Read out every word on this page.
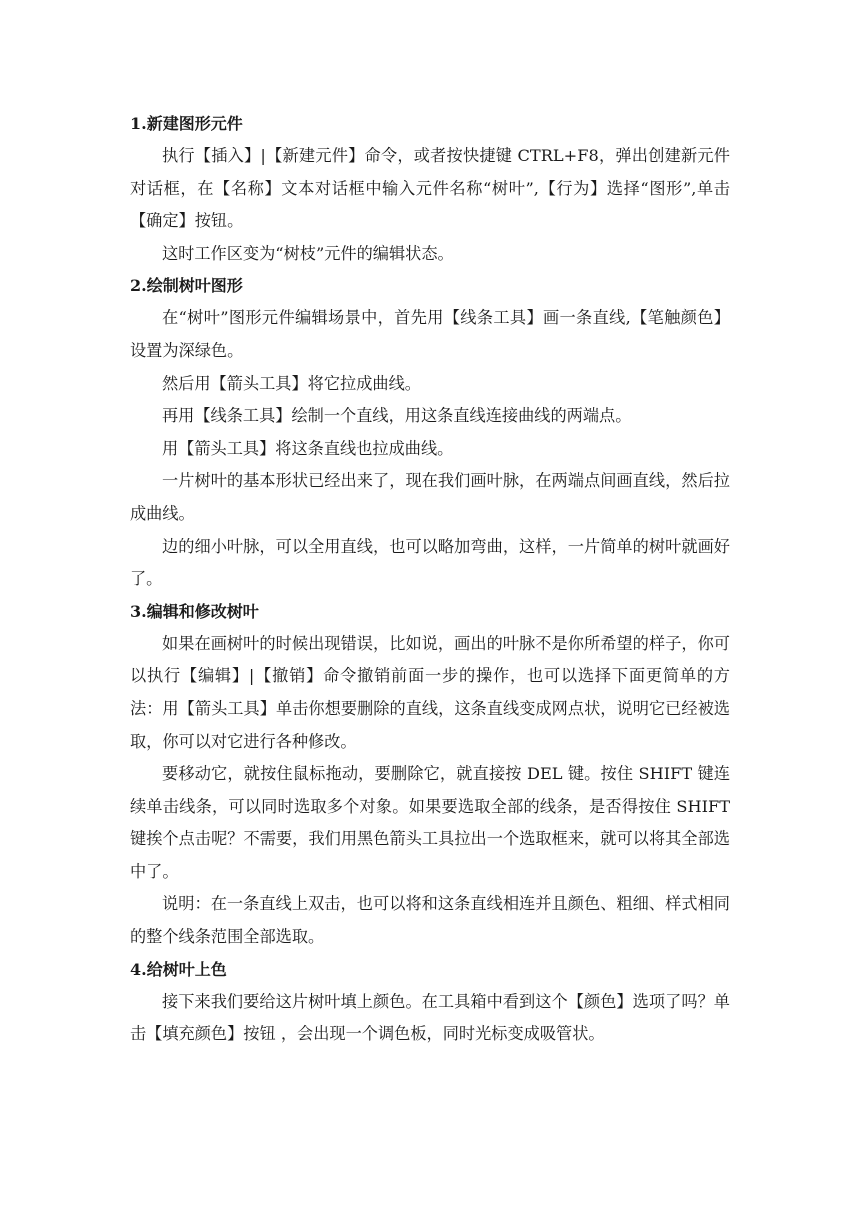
1.新建图形元件

执行【插入】|【新建元件】命令，或者按快捷键 CTRL+F8，弹出创建新元件对话框，在【名称】文本对话框中输入元件名称“树叶”,【行为】选择“图形”,单击【确定】按钮。

这时工作区变为“树枝”元件的编辑状态。

2.绘制树叶图形

在“树叶”图形元件编辑场景中，首先用【线条工具】画一条直线,【笔触颜色】设置为深绿色。

然后用【箭头工具】将它拉成曲线。

再用【线条工具】绘制一个直线，用这条直线连接曲线的两端点。

用【箭头工具】将这条直线也拉成曲线。

一片树叶的基本形状已经出来了，现在我们画叶脉，在两端点间画直线，然后拉成曲线。

边的细小叶脉，可以全用直线，也可以略加弯曲，这样，一片简单的树叶就画好了。

3.编辑和修改树叶

如果在画树叶的时候出现错误，比如说，画出的叶脉不是你所希望的样子，你可以执行【编辑】|【撤销】命令撤销前面一步的操作，也可以选择下面更简单的方法：用【箭头工具】单击你想要删除的直线，这条直线变成网点状，说明它已经被选取，你可以对它进行各种修改。

要移动它，就按住鼠标拖动，要删除它，就直接按 DEL 键。按住 SHIFT 键连续单击线条，可以同时选取多个对象。如果要选取全部的线条，是否得按住 SHIFT 键挨个点击呢？不需要，我们用黑色箭头工具拉出一个选取框来，就可以将其全部选中了。

说明：在一条直线上双击，也可以将和这条直线相连并且颜色、粗细、样式相同的整个线条范围全部选取。

4.给树叶上色

接下来我们要给这片树叶填上颜色。在工具箱中看到这个【颜色】选项了吗？单击【填充颜色】按钮 ，会出现一个调色板，同时光标变成吸管状。
